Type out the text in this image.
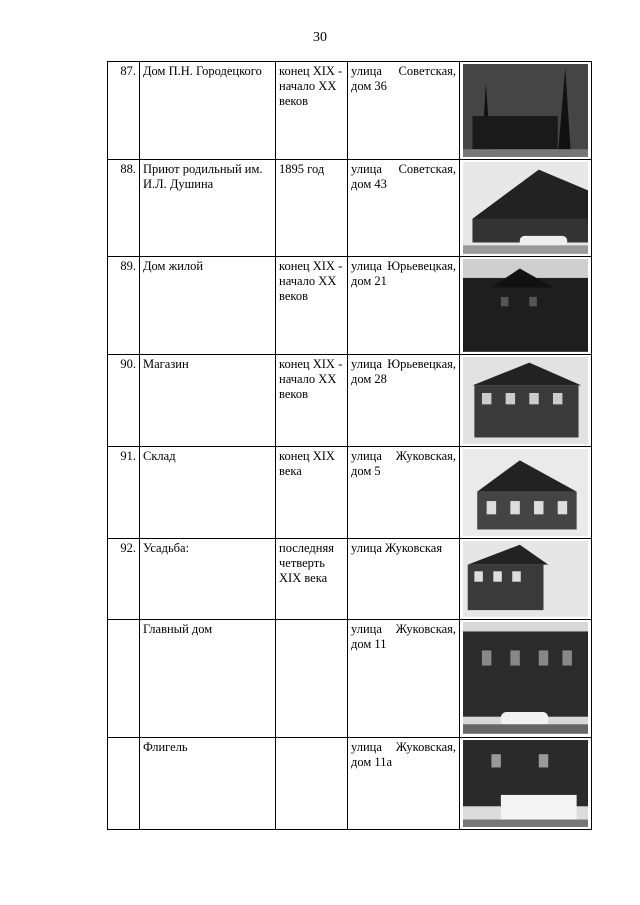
30
87.	Дом П.Н. Городецкого	конец XIX - начало XX веков	улица Советская, дом 36	

88.	Приют родильный им. И.Л. Душина	1895 год	улица Советская, дом 43	

89.	Дом жилой	конец XIX - начало XX веков	улица Юрьевецкая, дом 21	

90.	Магазин	конец XIX - начало XX веков	улица Юрьевецкая, дом 28	

91.	Склад	конец XIX века	улица Жуковская, дом 5	

92.	Усадьба:	последняя четверть XIX века	улица Жуковская	

	Главный дом		улица Жуковская, дом 11	

	Флигель		улица Жуковская, дом 11а	
